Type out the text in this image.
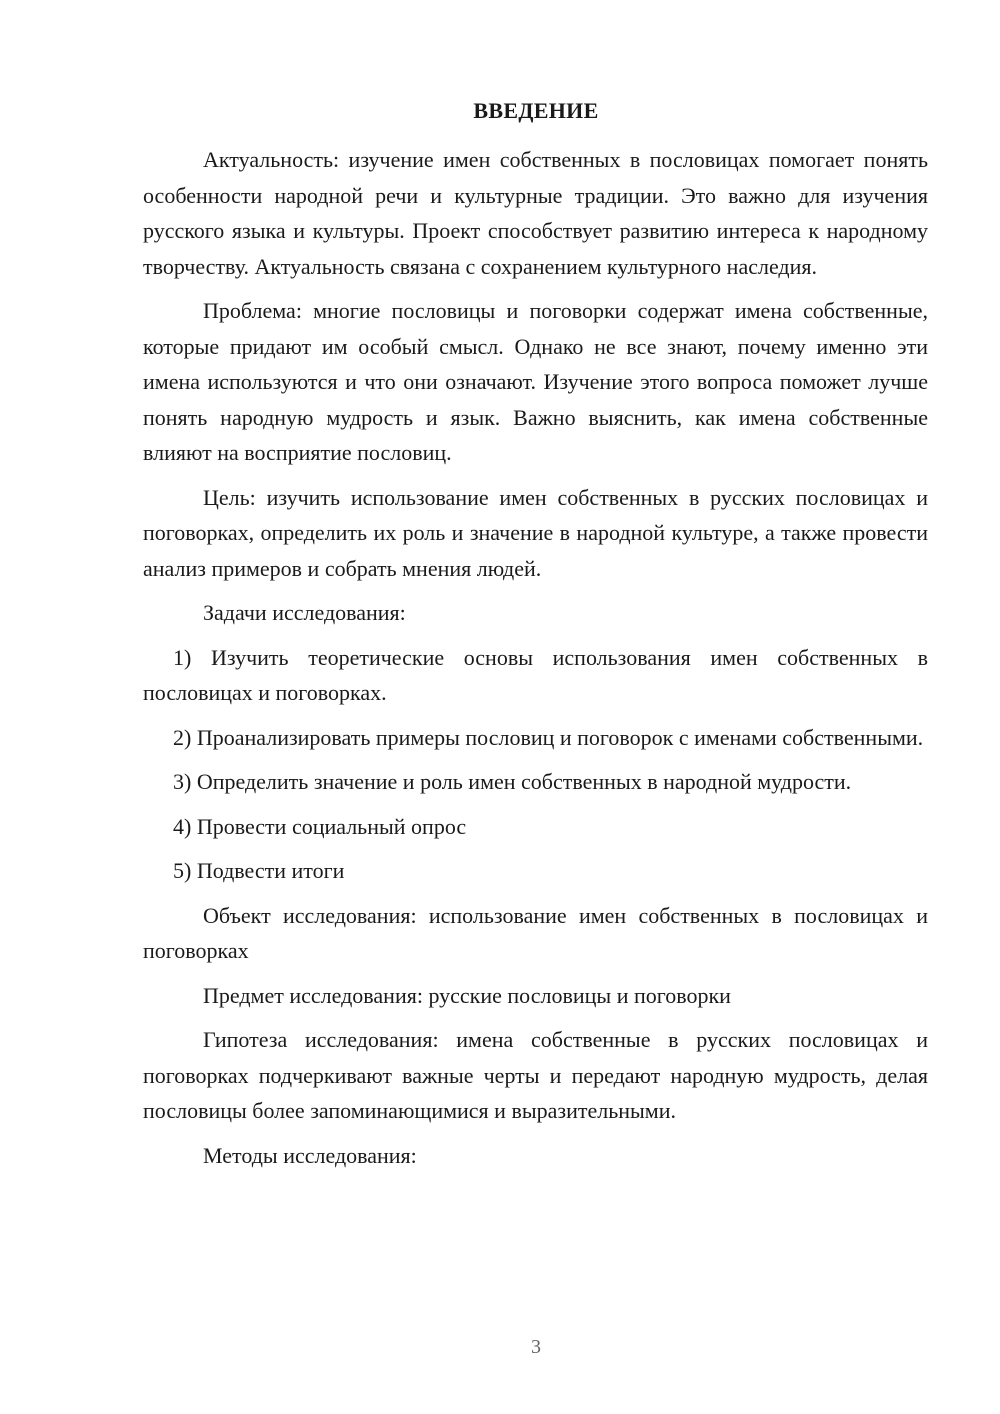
ВВЕДЕНИЕ

Актуальность: изучение имен собственных в пословицах помогает понять особенности народной речи и культурные традиции. Это важно для изучения русского языка и культуры. Проект способствует развитию интереса к народному творчеству. Актуальность связана с сохранением культурного наследия.

Проблема: многие пословицы и поговорки содержат имена собственные, которые придают им особый смысл. Однако не все знают, почему именно эти имена используются и что они означают. Изучение этого вопроса поможет лучше понять народную мудрость и язык. Важно выяснить, как имена собственные влияют на восприятие пословиц.

Цель: изучить использование имен собственных в русских пословицах и поговорках, определить их роль и значение в народной культуре, а также провести анализ примеров и собрать мнения людей.

Задачи исследования:

1) Изучить теоретические основы использования имен собственных в пословицах и поговорках.

2) Проанализировать примеры пословиц и поговорок с именами собственными.

3) Определить значение и роль имен собственных в народной мудрости.

4) Провести социальный опрос

5) Подвести итоги

Объект исследования: использование имен собственных в пословицах и поговорках

Предмет исследования: русские пословицы и поговорки

Гипотеза исследования: имена собственные в русских пословицах и поговорках подчеркивают важные черты и передают народную мудрость, делая пословицы более запоминающимися и выразительными.

Методы исследования:

3
